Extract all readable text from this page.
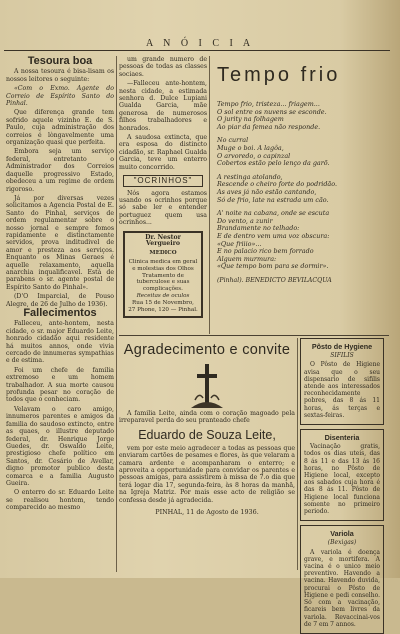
A N Ó I C I A
Tesoura boa

A nossa tesoura é bisa-lisam os nossos leitores o seguinte:

«Com o Exmo. Agente do Correio de Espírito Santo do Pinhal.

Que diferença grande tem sofrido aquele vizinho E. de S. Paulo, cuja administração dos correios é lòngavelmente uma organização quasi que perfeita.

Embora seja um serviço federal, entretanto o Administrador dos Correios daquelle progressivo Estado, obedeceu a um regime de ordem rigoroso.

Já por diversas vezes solicitamos a Agencia Postal de E. Santo do Pinhal, serviços de ordem regulamentar sobre o nosso jornal e sempre fomos rapidamente e distinctamente servidos, prova inditudivel de amor e presteza aos serviços. Enquanto os Minas Geraes é aquelle relaxamento, aquella anarchia inqualificavel. Está de parabens o sr. agente postal de Espírito Santo do Pinhal».

(D'O Imparcial, de Pouso Alegre, de 26 de Julho de 1936).

Fallecimentos

Falleceu, ante-hontem, nesta cidade, o sr. major Eduardo Leite, honrado cidadão aqui residente há muitos annos, onde vivia cercado de innumeras sympathias e de estima.

Foi um chefe de familia extremoso e um homem trabalhador. A sua morte causou profunda pesar no coração de todos que o conheciam.

Velavam o caro amigo, innumeros parentes e amigos da familia do saudoso extincto, entre as quaes, o illustre deputado federal, dr. Henrique Jorge Guedes, dr. Oswaldo Leite, prestigioso chefe político em Santos, dr. Cesário de Avellar, digno promotor publico desta comarca e a familia Augusto Gueira.

O enterro do sr. Eduardo Leite se realisou hontem, tendo comparecido ao mesmo

um grande numero de pessoas de todas as classes sociaes.

—Falleceu ante-hontem, nesta cidade, a estimada senhora d. Dulce Lupiani Gualda Garcia, mãe generosa de numerosos filhos trabalhadores e honrados.

A saudosa extincta, que era esposa do distincto cidadão, sr. Raphael Gualda Garcia, teve um enterro muito concorrido.

"OCRINHOS"

Nós agora estamos usando os ocrinhos porque só sabe ler e entender portuguez quem usa ocrinhos...

Dr. Nestor Vergueiro
MEDICO
Clinica medica em geral e molestias dos Olhos
Tratamento de tuberculose e suas complicações.
Receitas de oculos
Rua 15 de Novembro, 27 Phone, 120 — Pinhal.
Tempo frio
Tempo frio, tristeza... friagem...
O sol entre os nuvens se esconde.
O jurity na folhagem
Ao piar da femea não responde.
No curral
Muge o boi. A lagôa,
O arvoredo, o capinzal
Cobertos estão pelo lenço da garõ.
A restinga atolando,
Rescende o cheiro forte do podridão.
As aves já não estão cantando,
Só de frio, late na estrada um cão.
A' noite na cabana, onde se escuta
Do vento, a zunir
Brandamente no telhado:
E de dentro vem uma voz obscura:
«Que friiio»...
E no palacio rico bem forrado
Alguem murmura:
«Que tempo bom para se dormir».
(Pinhal). BENEDICTO BEVILACQUA
Agradecimento e convite

A familia Leite, ainda com o coração magoado pela irreparavel perda do seu pranteado chefe

Eduardo de Souza Leite,

vem por este meio agradecer a todas as pessoas que enviaram cartões de pesames e flores, às que velaram a camara ardente e acompanharam o enterro; e aproveita a opportunidade para convidar os parentes e pessoas amigas, para assistirem à missa de 7.o dia que terá logar dia 17, segunda-feira, às 8 horas da manhã, na Igreja Matriz. Por mais esse acto de religião se confessa desde já agradecida.

PINHAL, 11 de Agosto de 1936.
Pôsto de Hygiene
SIFILIS

O Pôsto de Higiene avisa que o seu dispensario de sifilis atende aos interessados reconhecidamente pobres, das 8 ás 11 horas, ás terças e sextas-feiras.

Disenteria

Vacinação gratis, todos os dias uteis, das 8 ás 11 e das 13 ás 16 horas, no Pôsto de Higiene local, excepto aos sabados cuja hora é das 8 ás 11. Pôsto de Higiene local funciona somente no primeiro periodo.

Variola
(Bexigas)

A variola é doença grave, e mortifera. A vacina é o unico meio preventivo. Havendo a vacina. Havendo duvida, procurai o Pôsto de Higiene e pedi conselho. Só com a vacinação, ficareis bem livres da variola. Revaccinai-vos de 7 em 7 annos.
